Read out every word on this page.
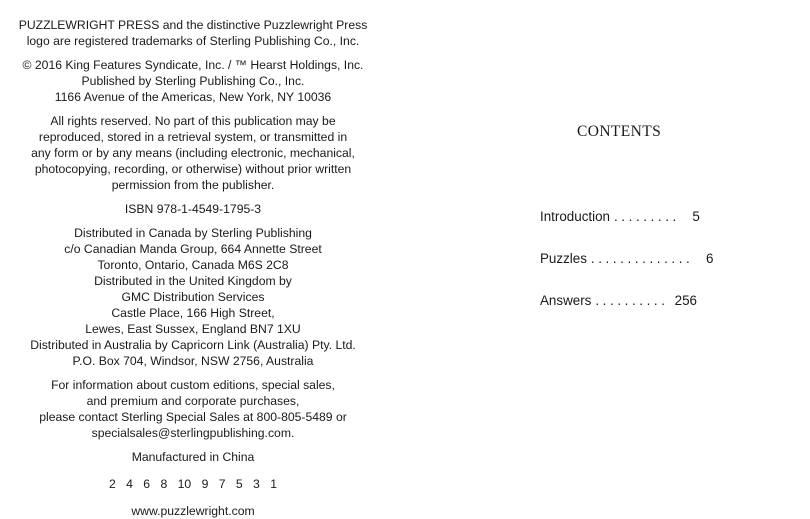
PUZZLEWRIGHT PRESS and the distinctive Puzzlewright Press

logo are registered trademarks of Sterling Publishing Co., Inc.

© 2016 King Features Syndicate, Inc. / ™ Hearst Holdings, Inc.

Published by Sterling Publishing Co., Inc.

1166 Avenue of the Americas, New York, NY 10036

All rights reserved. No part of this publication may be

reproduced, stored in a retrieval system, or transmitted in

any form or by any means (including electronic, mechanical,

photocopying, recording, or otherwise) without prior written

permission from the publisher.

ISBN 978-1-4549-1795-3

Distributed in Canada by Sterling Publishing

c/o Canadian Manda Group, 664 Annette Street

Toronto, Ontario, Canada M6S 2C8

Distributed in the United Kingdom by

GMC Distribution Services

Castle Place, 166 High Street,

Lewes, East Sussex, England BN7 1XU

Distributed in Australia by Capricorn Link (Australia) Pty. Ltd.

P.O. Box 704, Windsor, NSW 2756, Australia

For information about custom editions, special sales,

and premium and corporate purchases,

please contact Sterling Special Sales at 800-805-5489 or

specialsales@sterlingpublishing.com.

Manufactured in China

2 4 6 8 10 9 7 5 3 1

www.puzzlewright.com

CONTENTS
Introduction ......... 5
Puzzles .............. 6
Answers .......... 256
